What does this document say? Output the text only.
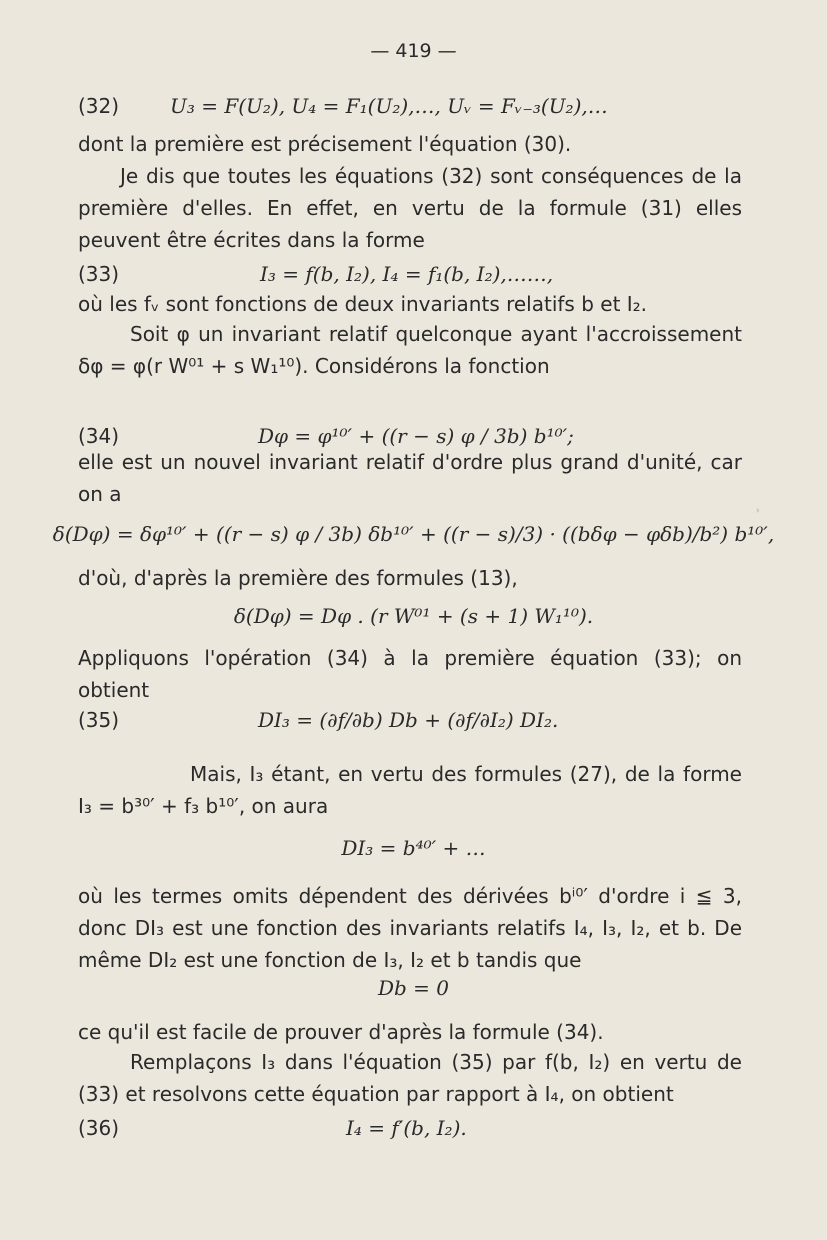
— 419 —
(32)	U₃ = F(U₂), U₄ = F₁(U₂),…, Uᵥ = Fᵥ₋₃(U₂),…

dont la première est précisement l'équation (30).

Je dis que toutes les équations (32) sont conséquences de la première d'elles. En effet, en vertu de la formule (31) elles peuvent être écrites dans la forme

(33)	I₃ = f(b, I₂), I₄ = f₁(b, I₂),……,

où les fᵥ sont fonctions de deux invariants relatifs b et I₂.

Soit φ un invariant relatif quelconque ayant l'accroissement δφ = φ(r W⁰¹ + s W₁¹⁰). Considérons la fonction

(34)	Dφ = φ¹⁰′ + ((r − s) φ / 3b) b¹⁰′;

elle est un nouvel invariant relatif d'ordre plus grand d'unité, car on a

δ(Dφ) = δφ¹⁰′ + ((r − s) φ / 3b) δb¹⁰′ + ((r − s)/3) · ((bδφ − φδb)/b²) b¹⁰′,

d'où, d'après la première des formules (13),

δ(Dφ) = Dφ . (r W⁰¹ + (s + 1) W₁¹⁰).

Appliquons l'opération (34) à la première équation (33); on obtient

(35)	DI₃ = (∂f/∂b) Db + (∂f/∂I₂) DI₂.

Mais, I₃ étant, en vertu des formules (27), de la forme I₃ = b³⁰′ + f₃ b¹⁰′, on aura

DI₃ = b⁴⁰′ + …

où les termes omits dépendent des dérivées bⁱ⁰′ d'ordre i ≦ 3, donc DI₃ est une fonction des invariants relatifs I₄, I₃, I₂, et b. De même DI₂ est une fonction de I₃, I₂ et b tandis que

Db = 0

ce qu'il est facile de prouver d'après la formule (34).

Remplaçons I₃ dans l'équation (35) par f(b, I₂) en vertu de (33) et resolvons cette équation par rapport à I₄, on obtient

(36)	I₄ = f′(b, I₂).
˒
